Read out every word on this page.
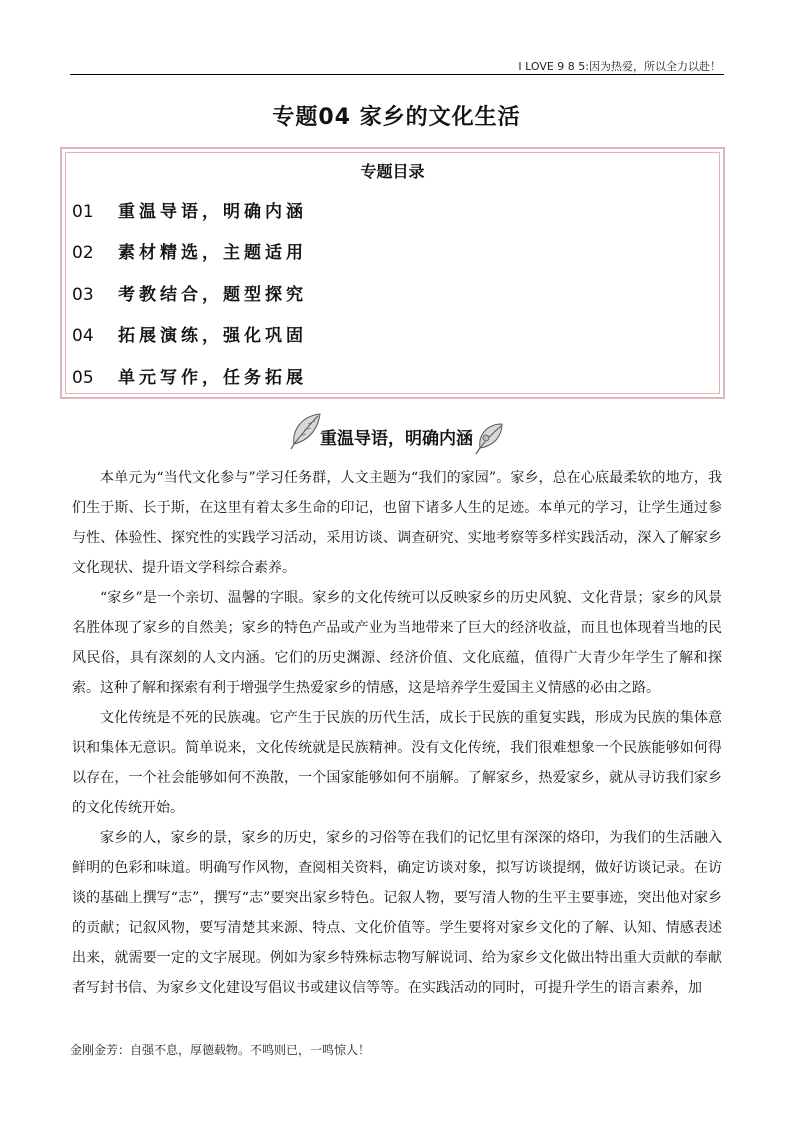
I LOVE 9 8 5:因为热爱，所以全力以赴！
专题04 家乡的文化生活
专题目录
01 重温导语，明确内涵
02 素材精选，主题适用
03 考教结合，题型探究
04 拓展演练，强化巩固
05 单元写作，任务拓展
重温导语，明确内涵

本单元为“当代文化参与”学习任务群，人文主题为“我们的家园”。家乡，总在心底最柔软的地方，我们生于斯、长于斯，在这里有着太多生命的印记，也留下诸多人生的足迹。本单元的学习，让学生通过参与性、体验性、探究性的实践学习活动，采用访谈、调查研究、实地考察等多样实践活动，深入了解家乡文化现状、提升语文学科综合素养。

“家乡”是一个亲切、温馨的字眼。家乡的文化传统可以反映家乡的历史风貌、文化背景；家乡的风景名胜体现了家乡的自然美；家乡的特色产品或产业为当地带来了巨大的经济收益，而且也体现着当地的民风民俗，具有深刻的人文内涵。它们的历史渊源、经济价值、文化底蕴，值得广大青少年学生了解和探索。这种了解和探索有利于增强学生热爱家乡的情感，这是培养学生爱国主义情感的必由之路。

文化传统是不死的民族魂。它产生于民族的历代生活，成长于民族的重复实践，形成为民族的集体意识和集体无意识。简单说来，文化传统就是民族精神。没有文化传统，我们很难想象一个民族能够如何得以存在，一个社会能够如何不涣散，一个国家能够如何不崩解。了解家乡，热爱家乡，就从寻访我们家乡的文化传统开始。

家乡的人，家乡的景，家乡的历史，家乡的习俗等在我们的记忆里有深深的烙印，为我们的生活融入鲜明的色彩和味道。明确写作风物，查阅相关资料，确定访谈对象，拟写访谈提纲，做好访谈记录。在访谈的基础上撰写“志”，撰写“志”要突出家乡特色。记叙人物，要写清人物的生平主要事迹，突出他对家乡的贡献；记叙风物，要写清楚其来源、特点、文化价值等。学生要将对家乡文化的了解、认知、情感表述出来，就需要一定的文字展现。例如为家乡特殊标志物写解说词、给为家乡文化做出特出重大贡献的奉献者写封书信、为家乡文化建设写倡议书或建议信等等。在实践活动的同时，可提升学生的语言素养，加

金刚金芳：自强不息，厚德载物。不鸣则已，一鸣惊人！
